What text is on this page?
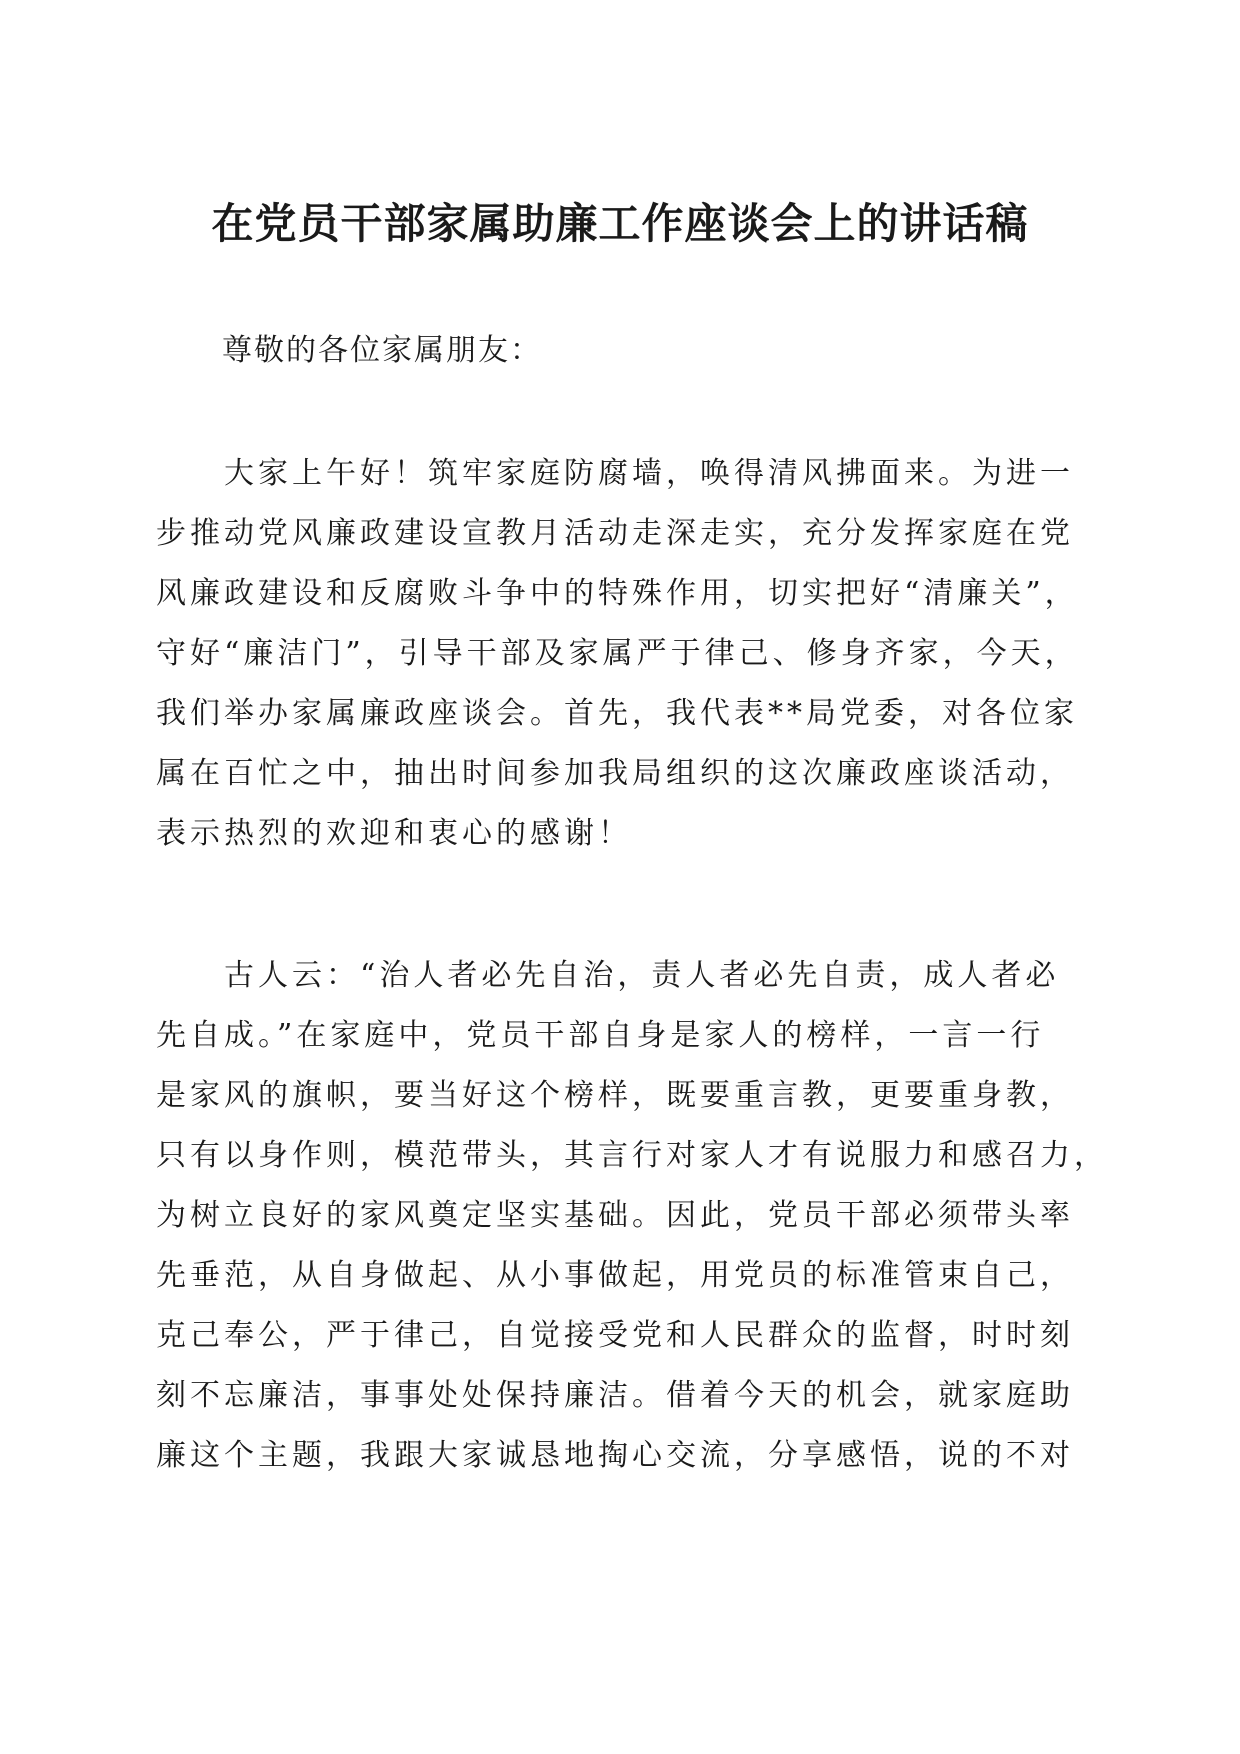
在党员干部家属助廉工作座谈会上的讲话稿
尊敬的各位家属朋友：
　　大家上午好！筑牢家庭防腐墙，唤得清风拂面来。为进一
步推动党风廉政建设宣教月活动走深走实，充分发挥家庭在党
风廉政建设和反腐败斗争中的特殊作用，切实把好“清廉关”，
守好“廉洁门”，引导干部及家属严于律己、修身齐家，今天，
我们举办家属廉政座谈会。首先，我代表**局党委，对各位家
属在百忙之中，抽出时间参加我局组织的这次廉政座谈活动，
表示热烈的欢迎和衷心的感谢！
　　古人云：“治人者必先自治，责人者必先自责，成人者必
先自成。”在家庭中，党员干部自身是家人的榜样，一言一行
是家风的旗帜，要当好这个榜样，既要重言教，更要重身教，
只有以身作则，模范带头，其言行对家人才有说服力和感召力，
为树立良好的家风奠定坚实基础。因此，党员干部必须带头率
先垂范，从自身做起、从小事做起，用党员的标准管束自己，
克己奉公，严于律己，自觉接受党和人民群众的监督，时时刻
刻不忘廉洁，事事处处保持廉洁。借着今天的机会，就家庭助
廉这个主题，我跟大家诚恳地掏心交流，分享感悟，说的不对
